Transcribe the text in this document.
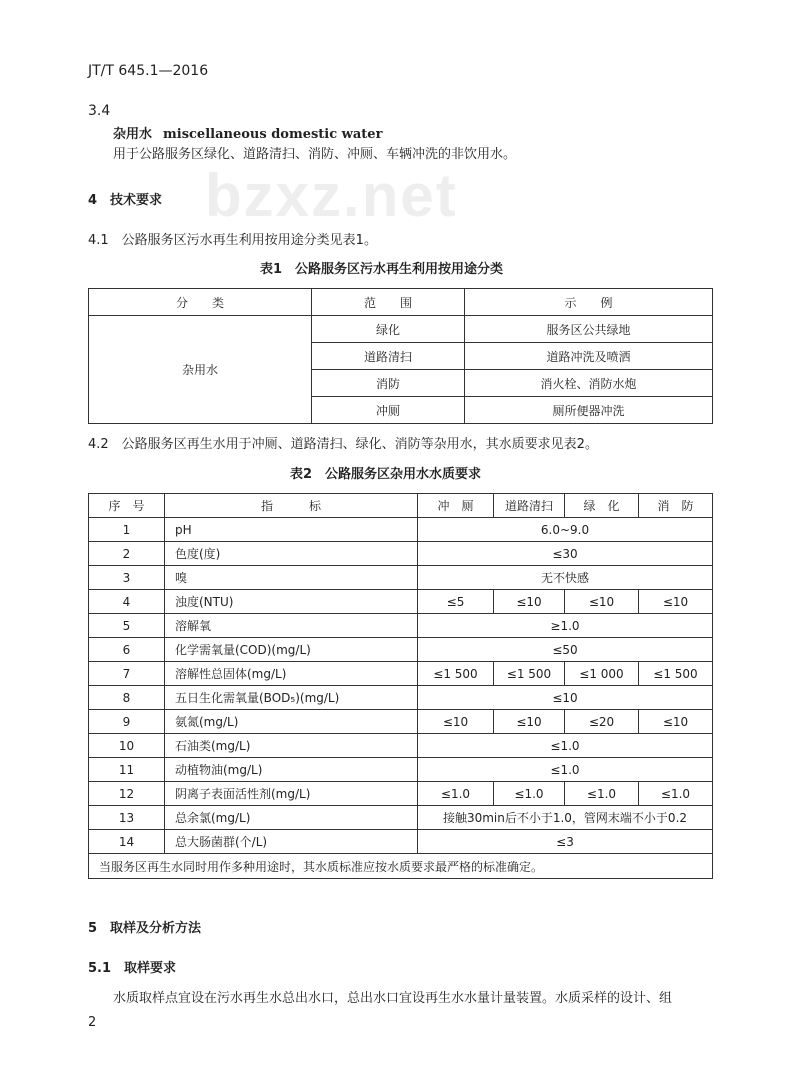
JT/T 645.1—2016
bzxz.net
3.4
杂用水 miscellaneous domestic water
用于公路服务区绿化、道路清扫、消防、冲厕、车辆冲洗的非饮用水。
4　技术要求
4.1　公路服务区污水再生利用按用途分类见表1。
表1　公路服务区污水再生利用按用途分类
分　　类	范　　围	示　　例
杂用水	绿化	服务区公共绿地
	道路清扫	道路冲洗及喷洒
	消防	消火栓、消防水炮
	冲厕	厕所便器冲洗
4.2　公路服务区再生水用于冲厕、道路清扫、绿化、消防等杂用水，其水质要求见表2。
表2　公路服务区杂用水水质要求
序　号	指　　　标	冲　厕	道路清扫	绿　化	消　防
1	pH	6.0~9.0			
2	色度(度)	≤30			
3	嗅	无不快感			
4	浊度(NTU)	≤5	≤10	≤10	≤10
5	溶解氧	≥1.0			
6	化学需氧量(COD)(mg/L)	≤50			
7	溶解性总固体(mg/L)	≤1 500	≤1 500	≤1 000	≤1 500
8	五日生化需氧量(BOD₅)(mg/L)	≤10			
9	氨氮(mg/L)	≤10	≤10	≤20	≤10
10	石油类(mg/L)	≤1.0			
11	动植物油(mg/L)	≤1.0			
12	阴离子表面活性剂(mg/L)	≤1.0	≤1.0	≤1.0	≤1.0
13	总余氯(mg/L)	接触30min后不小于1.0，管网末端不小于0.2			
14	总大肠菌群(个/L)	≤3			
当服务区再生水同时用作多种用途时，其水质标准应按水质要求最严格的标准确定。					
5　取样及分析方法
5.1　取样要求
水质取样点宜设在污水再生水总出水口，总出水口宜设再生水水量计量装置。水质采样的设计、组
2
